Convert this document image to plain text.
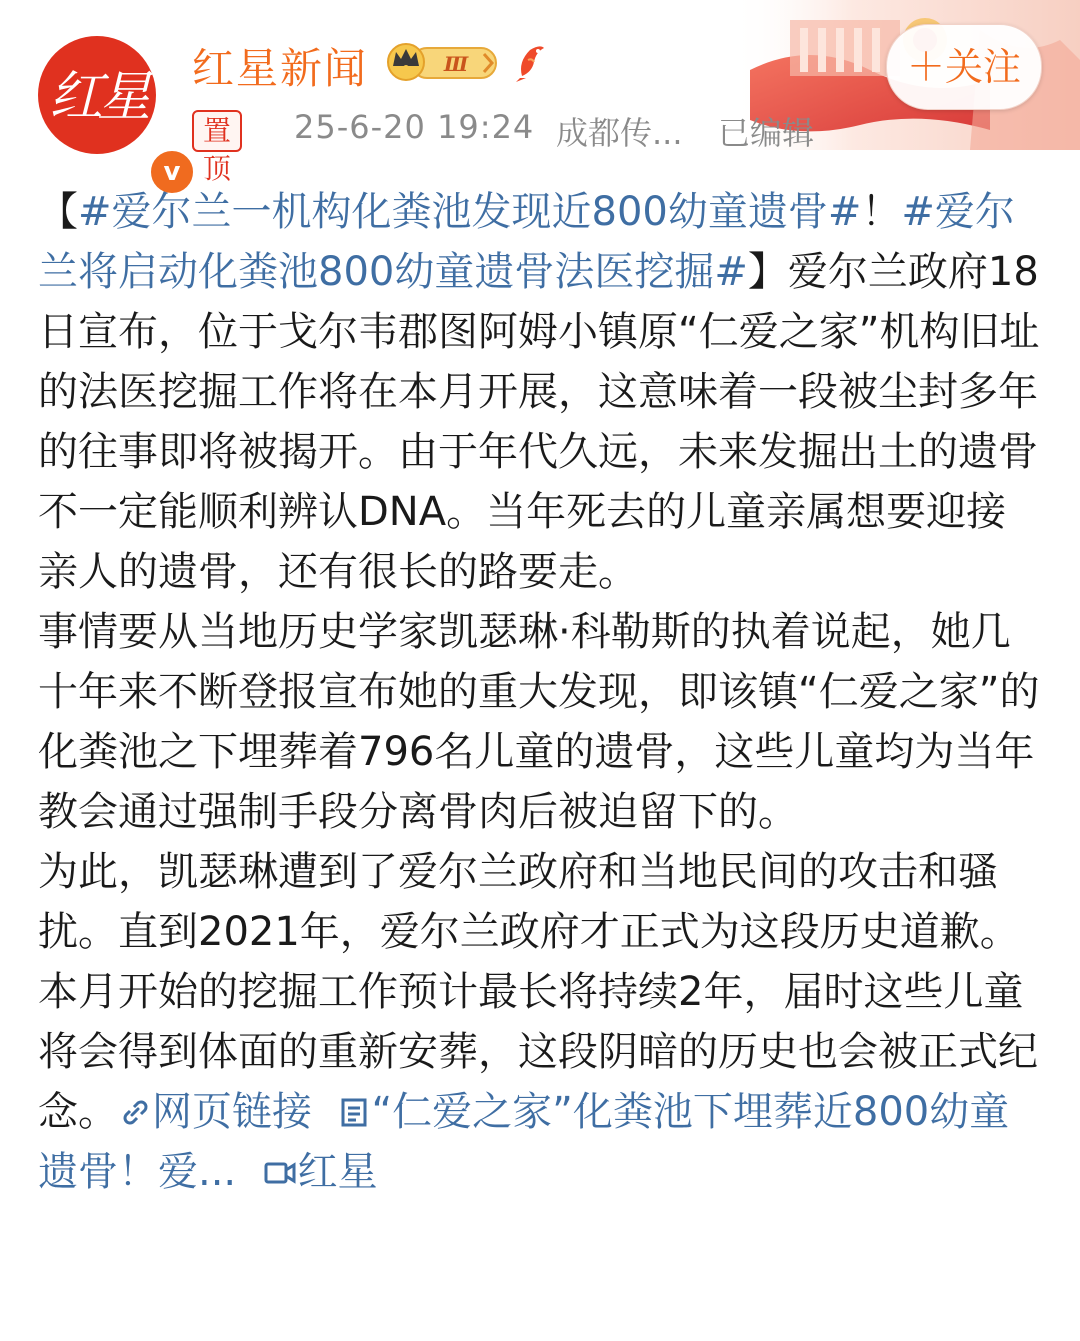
红星
v
红星新闻	Ⅲ
置顶
25-6-20 19:24 成都传... 已编辑
＋关注

【#爱尔兰一机构化粪池发现近800幼童遗骨#！#爱尔兰将启动化粪池800幼童遗骨法医挖掘#】爱尔兰政府18日宣布，位于戈尔韦郡图阿姆小镇原“仁爱之家”机构旧址的法医挖掘工作将在本月开展，这意味着一段被尘封多年的往事即将被揭开。由于年代久远，未来发掘出土的遗骨不一定能顺利辨认DNA。当年死去的儿童亲属想要迎接亲人的遗骨，还有很长的路要走。

事情要从当地历史学家凯瑟琳·科勒斯的执着说起，她几十年来不断登报宣布她的重大发现，即该镇“仁爱之家”的化粪池之下埋葬着796名儿童的遗骨，这些儿童均为当年教会通过强制手段分离骨肉后被迫留下的。

为此，凯瑟琳遭到了爱尔兰政府和当地民间的攻击和骚扰。直到2021年，爱尔兰政府才正式为这段历史道歉。本月开始的挖掘工作预计最长将持续2年，届时这些儿童将会得到体面的重新安葬，这段阴暗的历史也会被正式纪念。 网页链接 “仁爱之家”化粪池下埋葬近800幼童遗骨！爱... 红星
